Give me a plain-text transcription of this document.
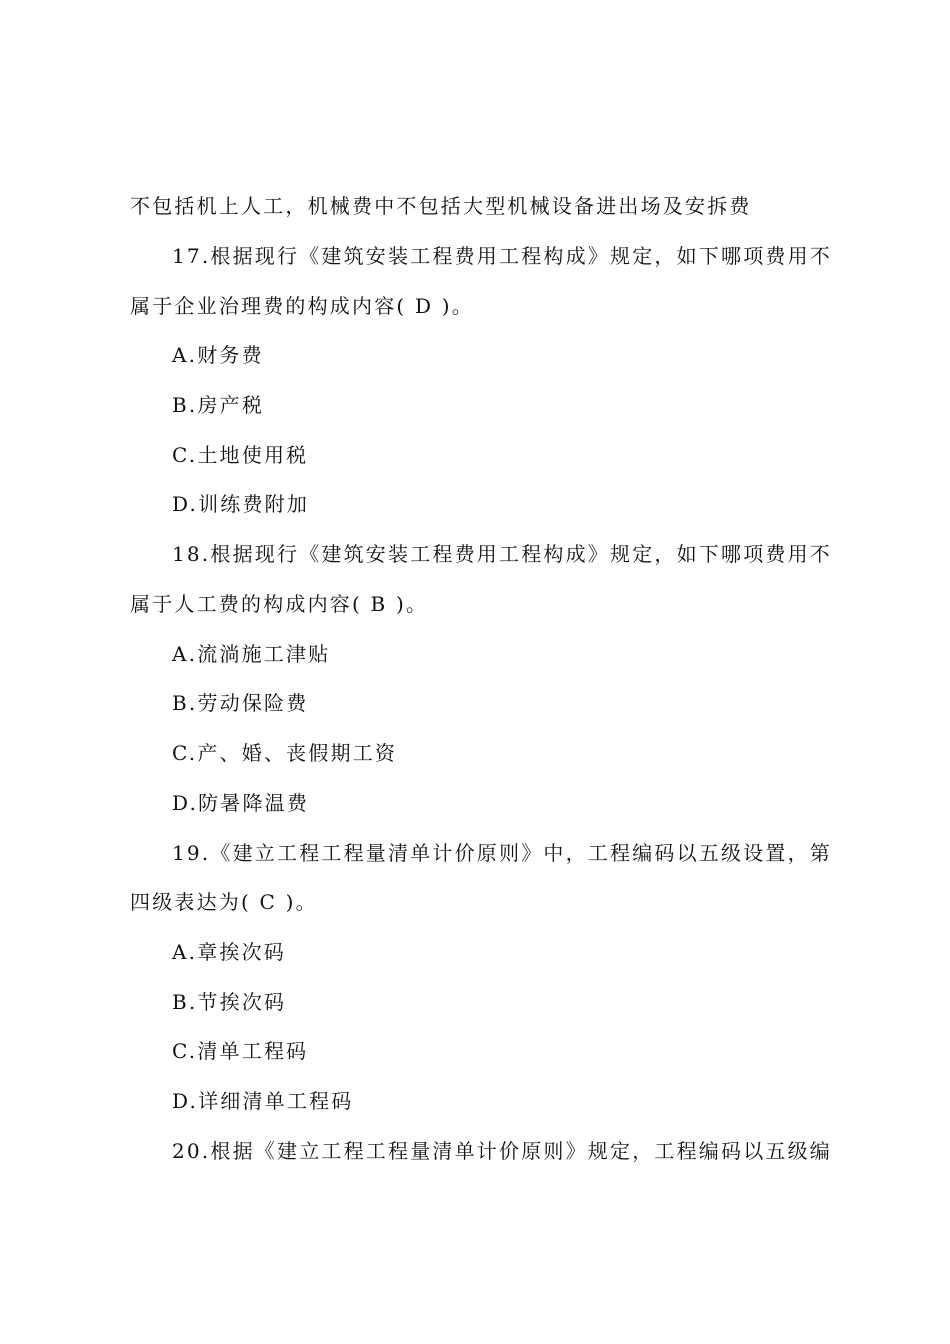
不包括机上人工，机械费中不包括大型机械设备进出场及安拆费
17.根据现行《建筑安装工程费用工程构成》规定，如下哪项费用不
属于企业治理费的构成内容( D )。
A.财务费
B.房产税
C.土地使用税
D.训练费附加
18.根据现行《建筑安装工程费用工程构成》规定，如下哪项费用不
属于人工费的构成内容( B )。
A.流淌施工津贴
B.劳动保险费
C.产、婚、丧假期工资
D.防暑降温费
19.《建立工程工程量清单计价原则》中，工程编码以五级设置，第
四级表达为( C )。
A.章挨次码
B.节挨次码
C.清单工程码
D.详细清单工程码
20.根据《建立工程工程量清单计价原则》规定，工程编码以五级编
